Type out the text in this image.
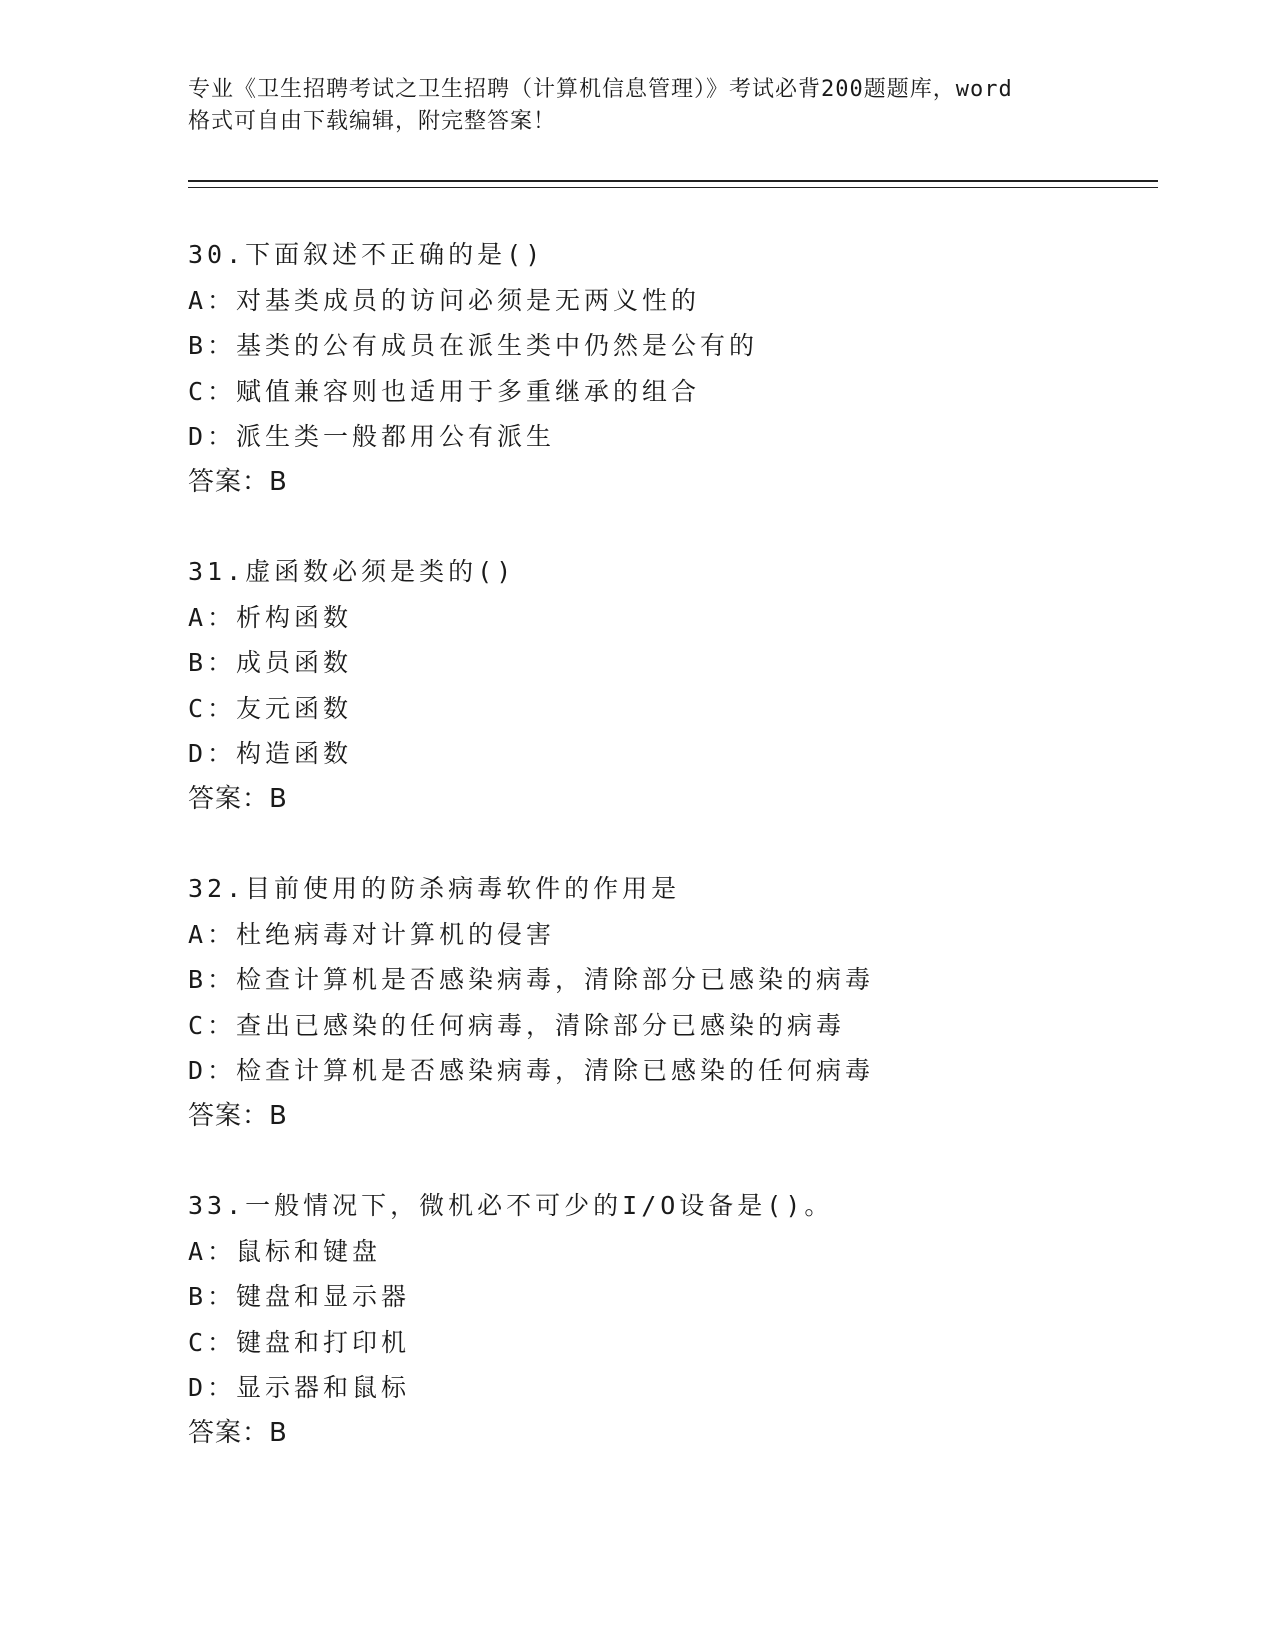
专业《卫生招聘考试之卫生招聘（计算机信息管理）》考试必背200题题库，word
格式可自由下载编辑，附完整答案！
30.下面叙述不正确的是()
A：对基类成员的访问必须是无两义性的
B：基类的公有成员在派生类中仍然是公有的
C：赋值兼容则也适用于多重继承的组合
D：派生类一般都用公有派生
答案：B
31.虚函数必须是类的()
A：析构函数
B：成员函数
C：友元函数
D：构造函数
答案：B
32.目前使用的防杀病毒软件的作用是
A：杜绝病毒对计算机的侵害
B：检查计算机是否感染病毒，清除部分已感染的病毒
C：查出已感染的任何病毒，清除部分已感染的病毒
D：检查计算机是否感染病毒，清除已感染的任何病毒
答案：B
33.一般情况下，微机必不可少的I/O设备是()。
A：鼠标和键盘
B：键盘和显示器
C：键盘和打印机
D：显示器和鼠标
答案：B
